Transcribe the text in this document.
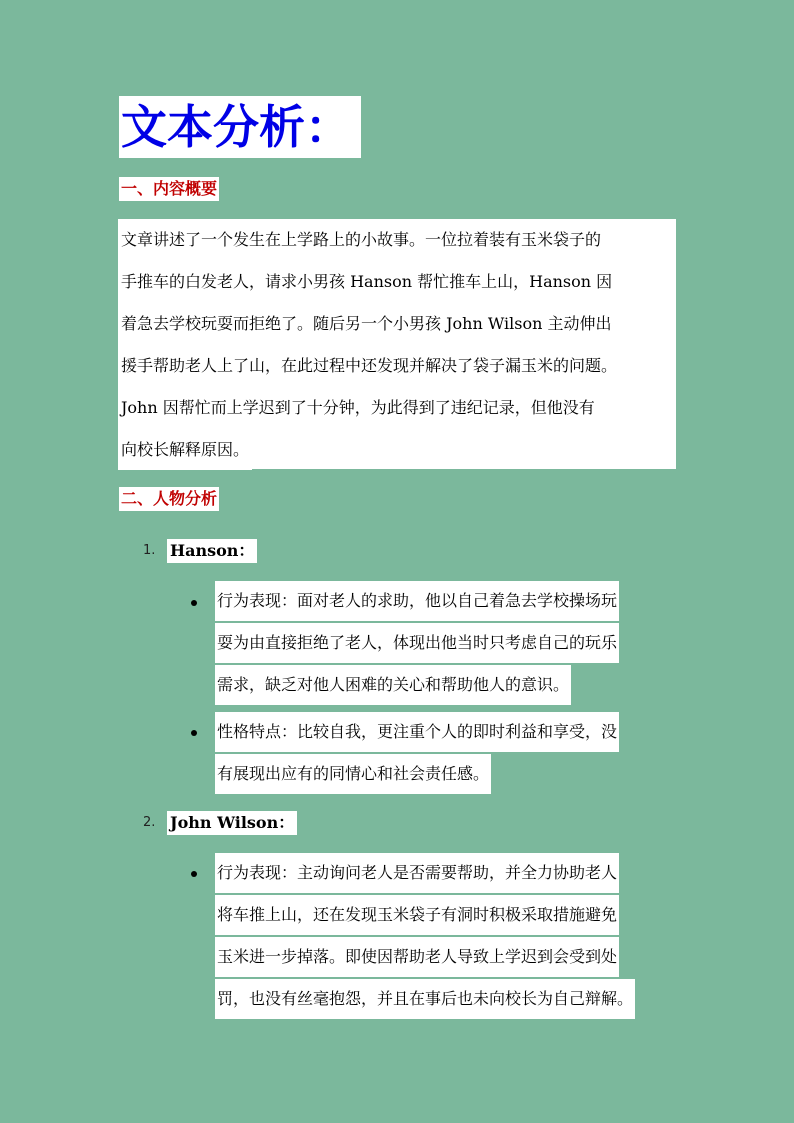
文本分析：
一、内容概要
文章讲述了一个发生在上学路上的小故事。一位拉着装有玉米袋子的
手推车的白发老人，请求小男孩 Hanson 帮忙推车上山，Hanson 因
着急去学校玩耍而拒绝了。随后另一个小男孩 John Wilson 主动伸出
援手帮助老人上了山，在此过程中还发现并解决了袋子漏玉米的问题。
John 因帮忙而上学迟到了十分钟，为此得到了违纪记录，但他没有
向校长解释原因。
二、人物分析
1. Hanson：
行为表现：面对老人的求助，他以自己着急去学校操场玩
耍为由直接拒绝了老人，体现出他当时只考虑自己的玩乐
需求，缺乏对他人困难的关心和帮助他人的意识。
性格特点：比较自我，更注重个人的即时利益和享受，没
有展现出应有的同情心和社会责任感。
2. John Wilson：
行为表现：主动询问老人是否需要帮助，并全力协助老人
将车推上山，还在发现玉米袋子有洞时积极采取措施避免
玉米进一步掉落。即使因帮助老人导致上学迟到会受到处
罚，也没有丝毫抱怨，并且在事后也未向校长为自己辩解。
